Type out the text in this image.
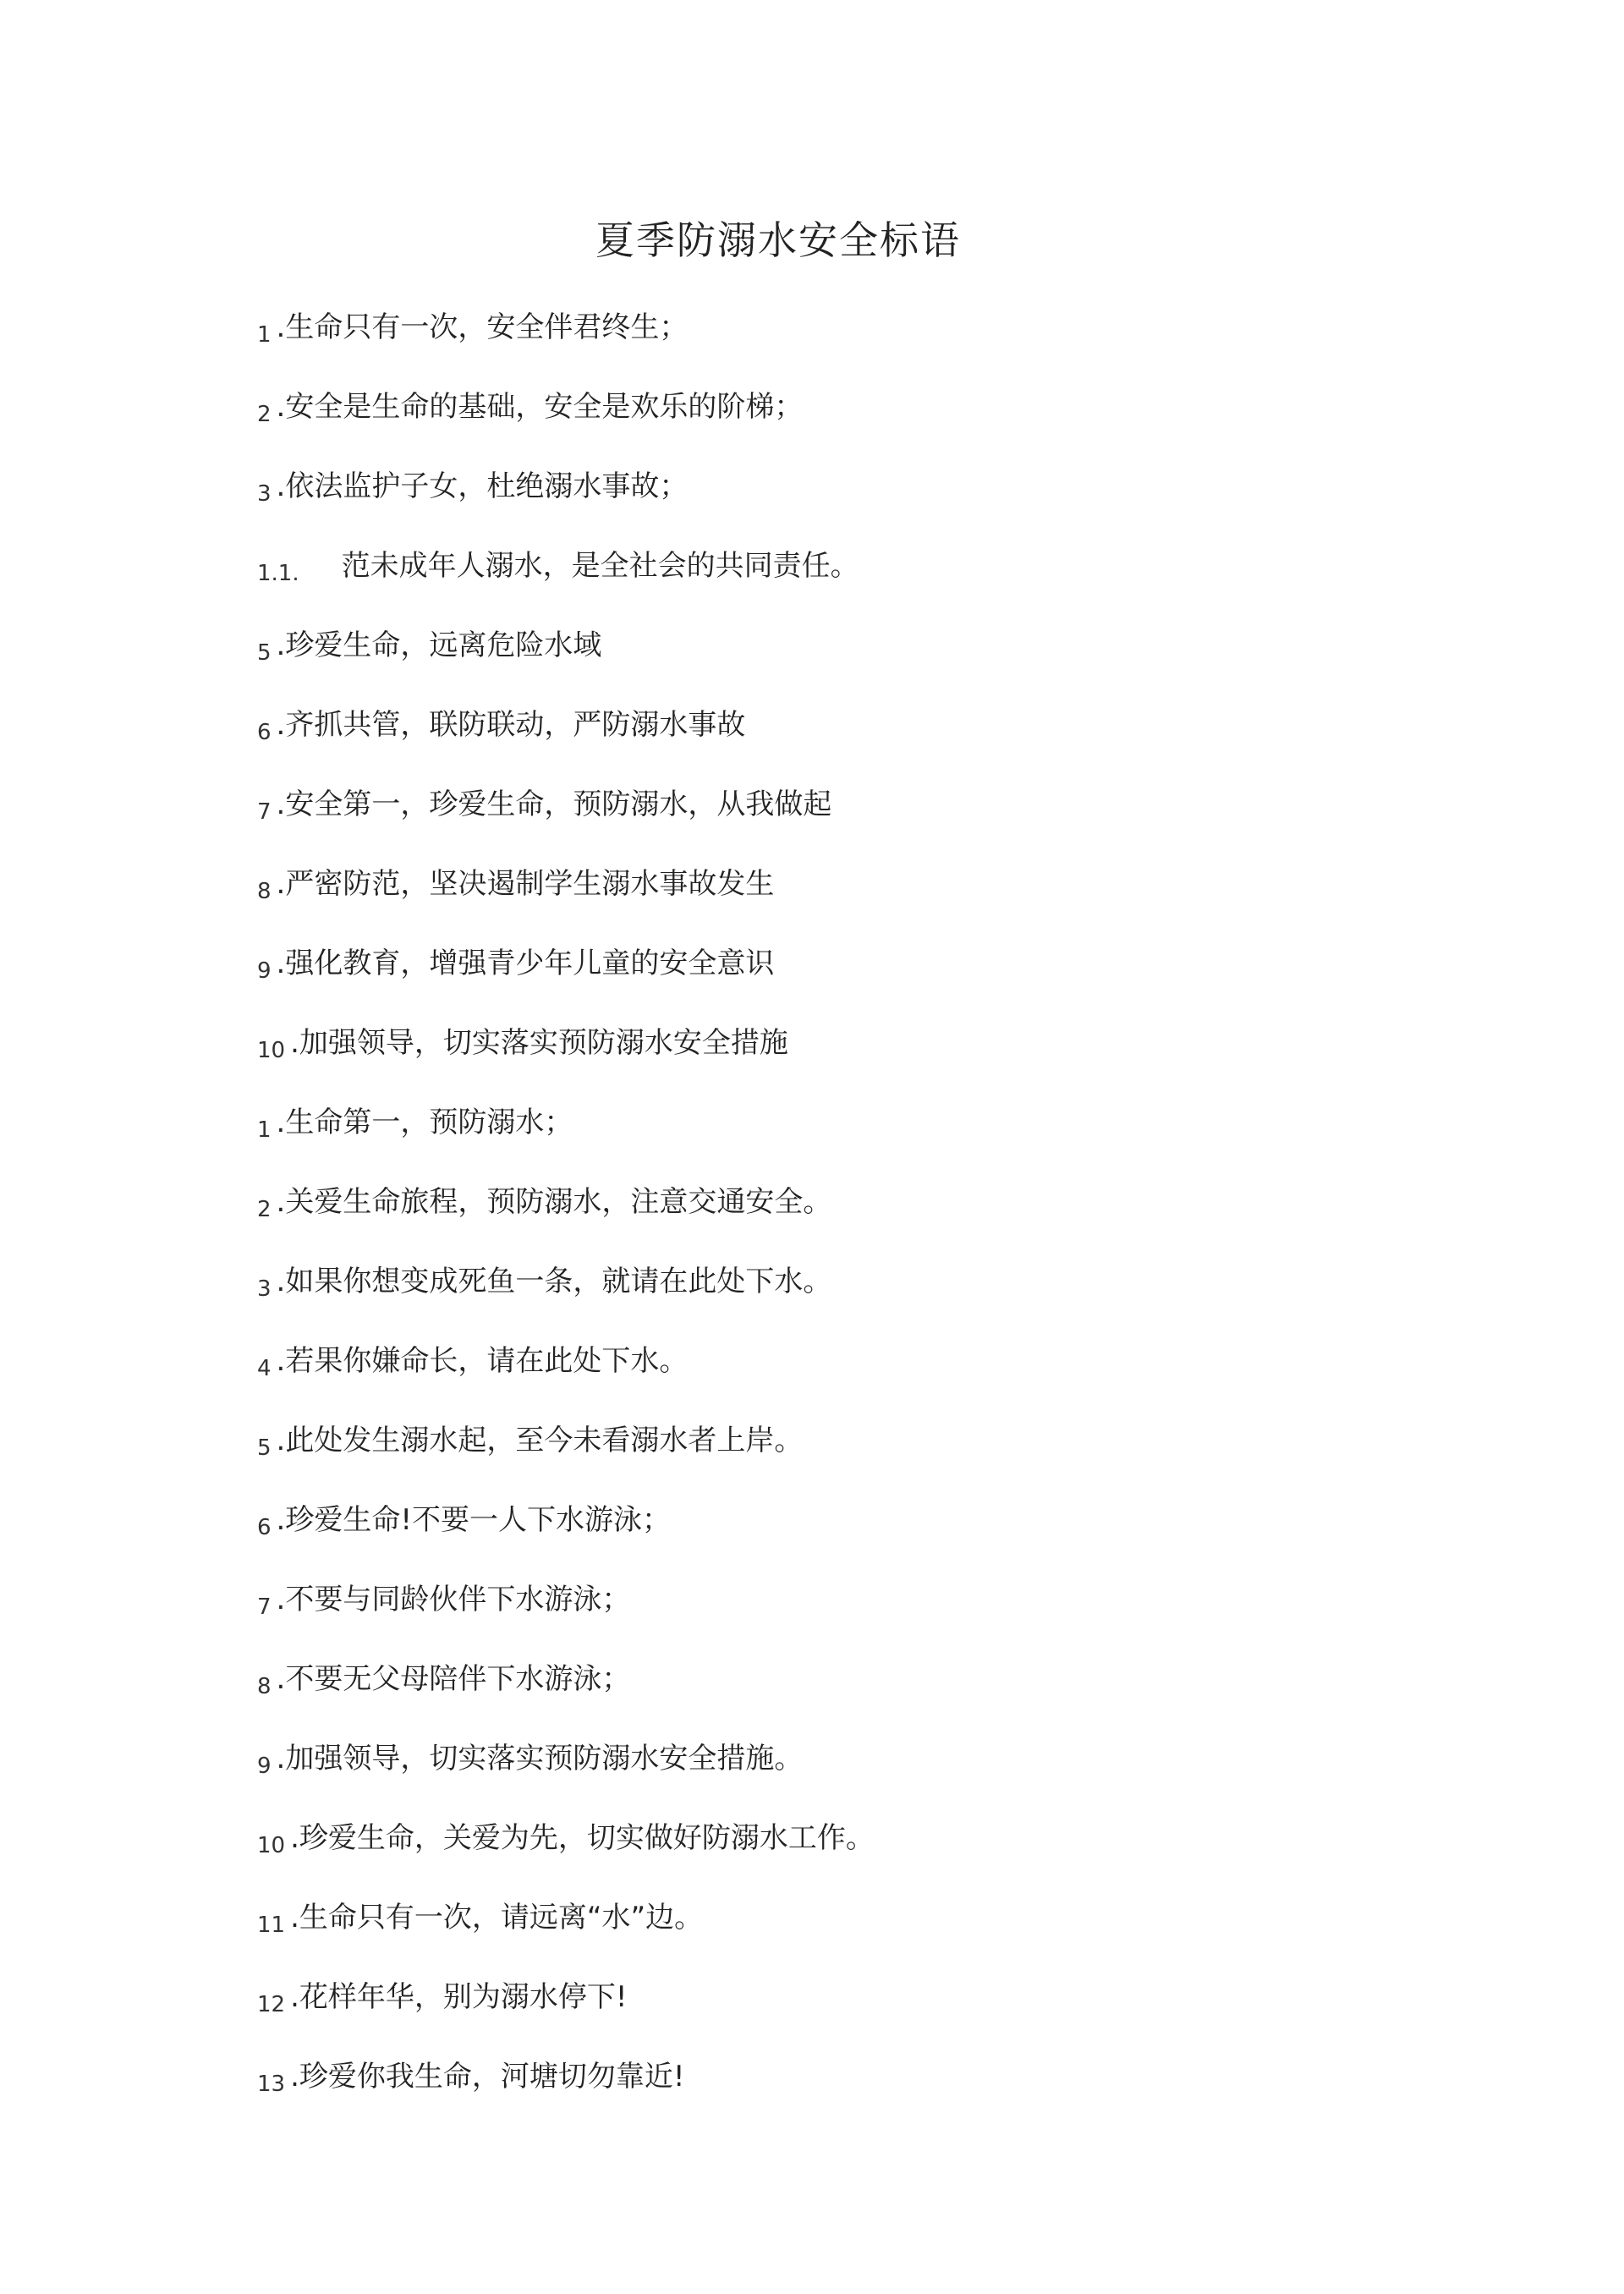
夏季防溺水安全标语
1 .生命只有一次，安全伴君终生；
2 .安全是生命的基础，安全是欢乐的阶梯；
3 .依法监护子女，杜绝溺水事故；
1.1. 范未成年人溺水，是全社会的共同责任。
5 .珍爱生命，远离危险水域
6 .齐抓共管，联防联动，严防溺水事故
7 .安全第一，珍爱生命，预防溺水，从我做起
8 .严密防范，坚决遏制学生溺水事故发生
9 .强化教育，增强青少年儿童的安全意识
10 .加强领导，切实落实预防溺水安全措施
1 .生命第一，预防溺水；
2 .关爱生命旅程，预防溺水，注意交通安全。
3 .如果你想变成死鱼一条，就请在此处下水。
4 .若果你嫌命长，请在此处下水。
5 .此处发生溺水起，至今未看溺水者上岸。
6 .珍爱生命!不要一人下水游泳；
7 .不要与同龄伙伴下水游泳；
8 .不要无父母陪伴下水游泳；
9 .加强领导，切实落实预防溺水安全措施。
10 .珍爱生命，关爱为先，切实做好防溺水工作。
11 .生命只有一次，请远离“水”边。
12 .花样年华，别为溺水停下!
13 .珍爱你我生命，河塘切勿靠近!
